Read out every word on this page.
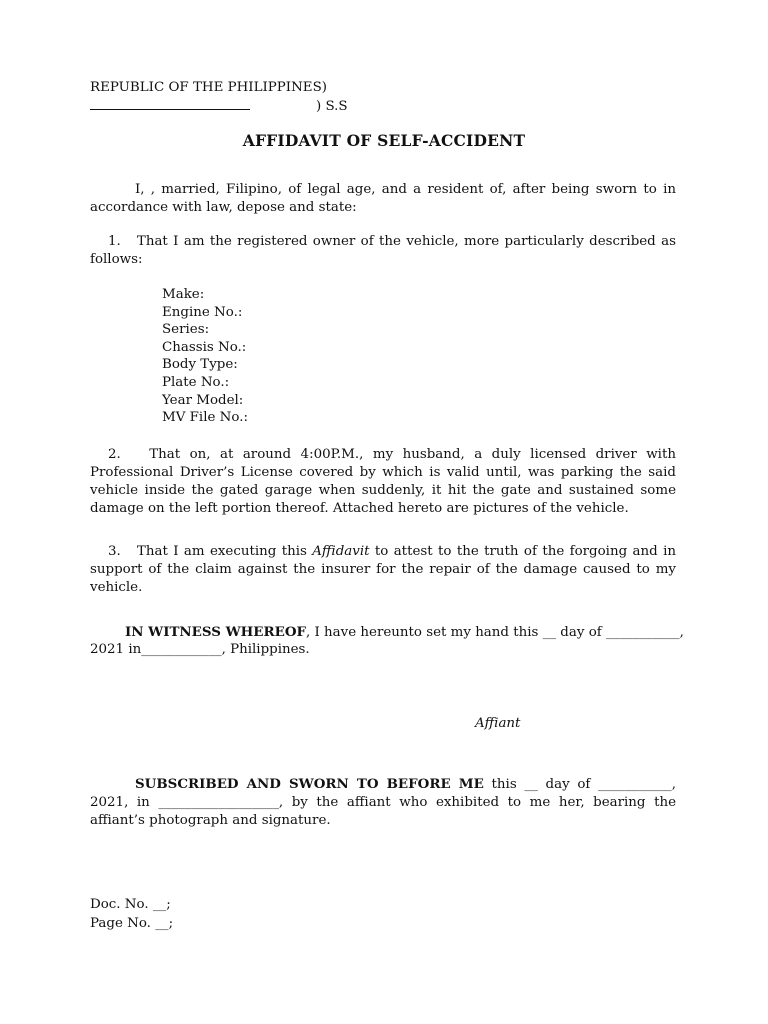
REPUBLIC OF THE PHILIPPINES)
) S.S
AFFIDAVIT OF SELF-ACCIDENT

I, , married, Filipino, of legal age, and a resident of, after being sworn to in accordance with law, depose and state:

1. That I am the registered owner of the vehicle, more particularly described as follows:

Make:
Engine No.:
Series:
Chassis No.:
Body Type:
Plate No.:
Year Model:
MV File No.:

2. That on, at around 4:00P.M., my husband, a duly licensed driver with Professional Driver’s License covered by which is valid until, was parking the said vehicle inside the gated garage when suddenly, it hit the gate and sustained some damage on the left portion thereof. Attached hereto are pictures of the vehicle.

3. That I am executing this Affidavit to attest to the truth of the forgoing and in support of the claim against the insurer for the repair of the damage caused to my vehicle.

IN WITNESS WHEREOF, I have hereunto set my hand this __ day of ___________,
2021 in____________, Philippines.
Affiant

SUBSCRIBED AND SWORN TO BEFORE ME this __ day of ___________, 2021, in __________________, by the affiant who exhibited to me her, bearing the affiant’s photograph and signature.

Doc. No. __;
Page No. __;
